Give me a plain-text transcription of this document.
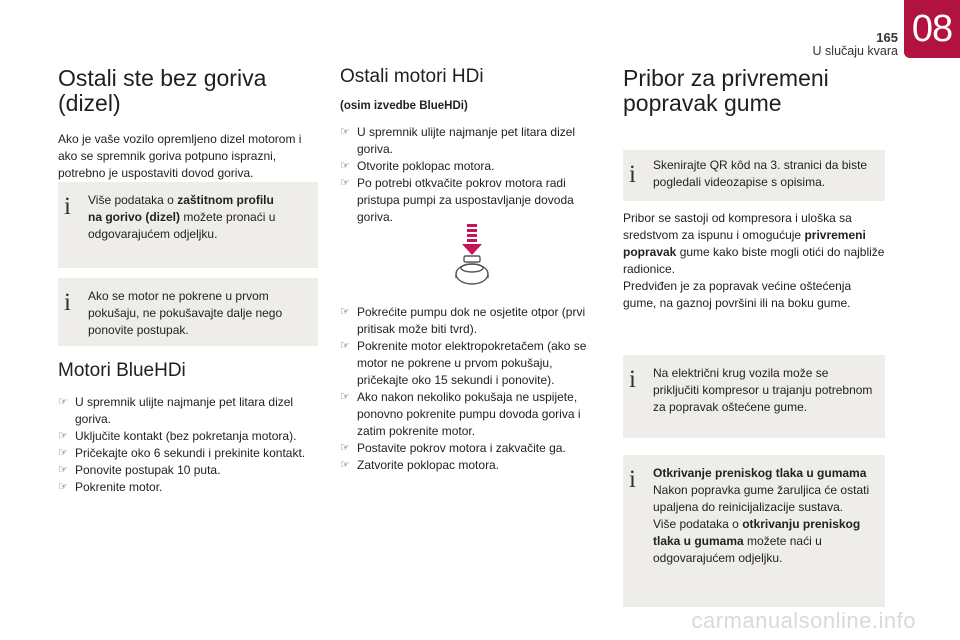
165
U slučaju kvara
08
Ostali ste bez goriva (dizel)

Ako je vaše vozilo opremljeno dizel motorom i ako se spremnik goriva potpuno isprazni, potrebno je uspostaviti dovod goriva.

i Više podataka o zaštitnom profilu na gorivo (dizel) možete pronaći u odgovarajućem odjeljku.
i Ako se motor ne pokrene u prvom pokušaju, ne pokušavajte dalje nego ponovite postupak.
Motori BlueHDi
☞ U spremnik ulijte najmanje pet litara dizel goriva.
☞ Uključite kontakt (bez pokretanja motora).
☞ Pričekajte oko 6 sekundi i prekinite kontakt.
☞ Ponovite postupak 10 puta.
☞ Pokrenite motor.
Ostali motori HDi
(osim izvedbe BlueHDi)
☞ U spremnik ulijte najmanje pet litara dizel goriva.
☞ Otvorite poklopac motora.
☞ Po potrebi otkvačite pokrov motora radi pristupa pumpi za uspostavljanje dovoda goriva.
☞ Pokrećite pumpu dok ne osjetite otpor (prvi pritisak može biti tvrd).
☞ Pokrenite motor elektropokretačem (ako se motor ne pokrene u prvom pokušaju, pričekajte oko 15 sekundi i ponovite).
☞ Ako nakon nekoliko pokušaja ne uspijete, ponovno pokrenite pumpu dovoda goriva i zatim pokrenite motor.
☞ Postavite pokrov motora i zakvačite ga.
☞ Zatvorite poklopac motora.
Pribor za privremeni popravak gume
i Skenirajte QR kôd na 3. stranici da biste pogledali videozapise s opisima.

Pribor se sastoji od kompresora i uloška sa sredstvom za ispunu i omogućuje privremeni popravak gume kako biste mogli otići do najbliže radionice.
Predviđen je za popravak većine oštećenja gume, na gaznoj površini ili na boku gume.

i Na električni krug vozila može se priključiti kompresor u trajanju potrebnom za popravak oštećene gume.
i Otkrivanje preniskog tlaka u gumama
Nakon popravka gume žaruljica će ostati upaljena do reinicijalizacije sustava.
Više podataka o otkrivanju preniskog tlaka u gumama možete naći u odgovarajućem odjeljku.
carmanualsonline.info
